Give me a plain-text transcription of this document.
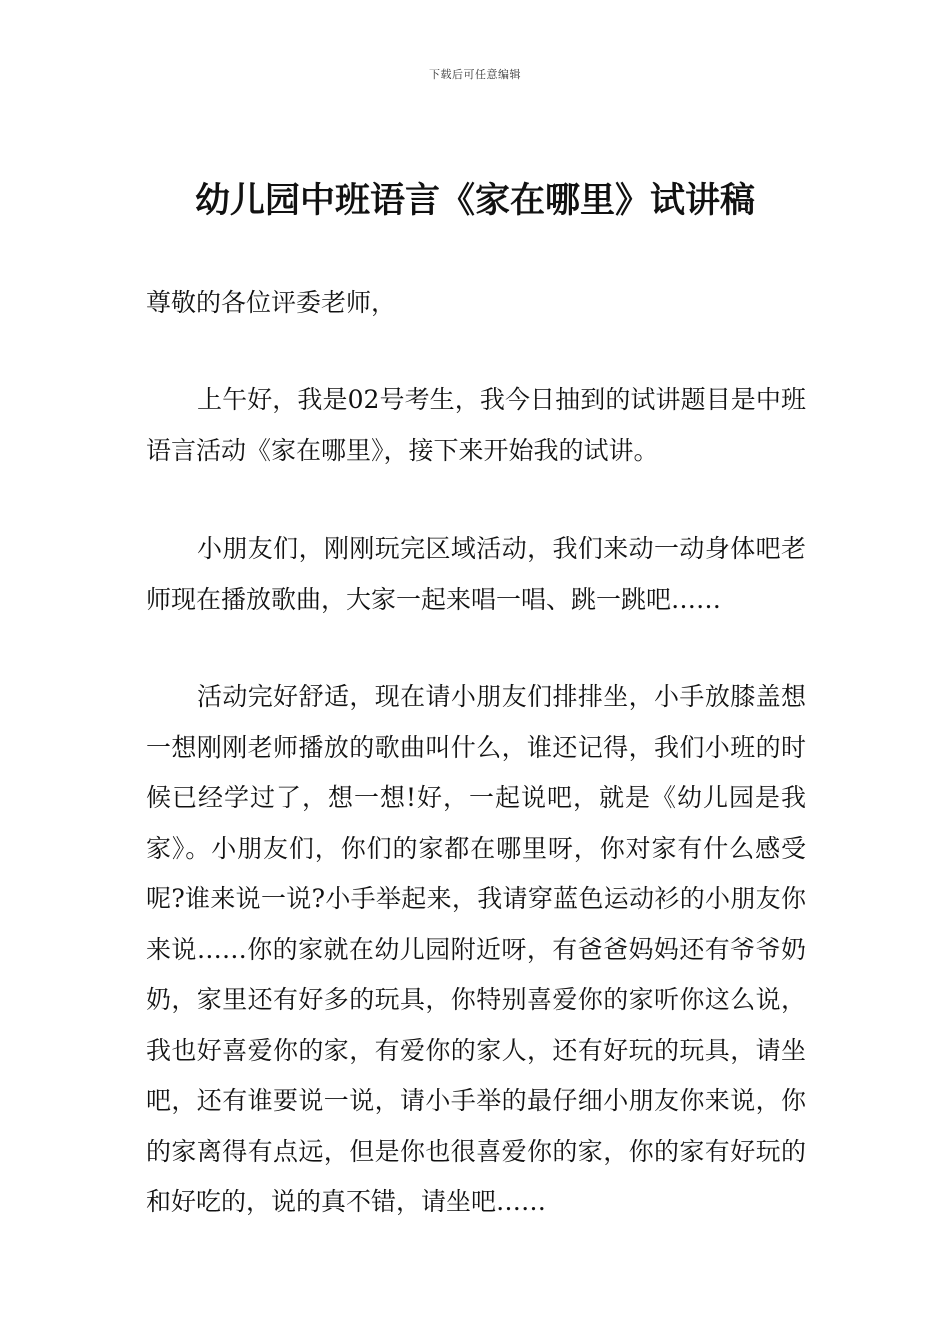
下载后可任意编辑
幼儿园中班语言《家在哪里》试讲稿

尊敬的各位评委老师，

上午好，我是02号考生，我今日抽到的试讲题目是中班语言活动《家在哪里》，接下来开始我的试讲。

小朋友们，刚刚玩完区域活动，我们来动一动身体吧老师现在播放歌曲，大家一起来唱一唱、跳一跳吧……

活动完好舒适，现在请小朋友们排排坐，小手放膝盖想一想刚刚老师播放的歌曲叫什么，谁还记得，我们小班的时候已经学过了，想一想!好，一起说吧，就是《幼儿园是我家》。小朋友们，你们的家都在哪里呀，你对家有什么感受呢?谁来说一说?小手举起来，我请穿蓝色运动衫的小朋友你来说……你的家就在幼儿园附近呀，有爸爸妈妈还有爷爷奶奶，家里还有好多的玩具，你特别喜爱你的家听你这么说，我也好喜爱你的家，有爱你的家人，还有好玩的玩具，请坐吧，还有谁要说一说，请小手举的最仔细小朋友你来说，你的家离得有点远，但是你也很喜爱你的家，你的家有好玩的和好吃的，说的真不错，请坐吧……
